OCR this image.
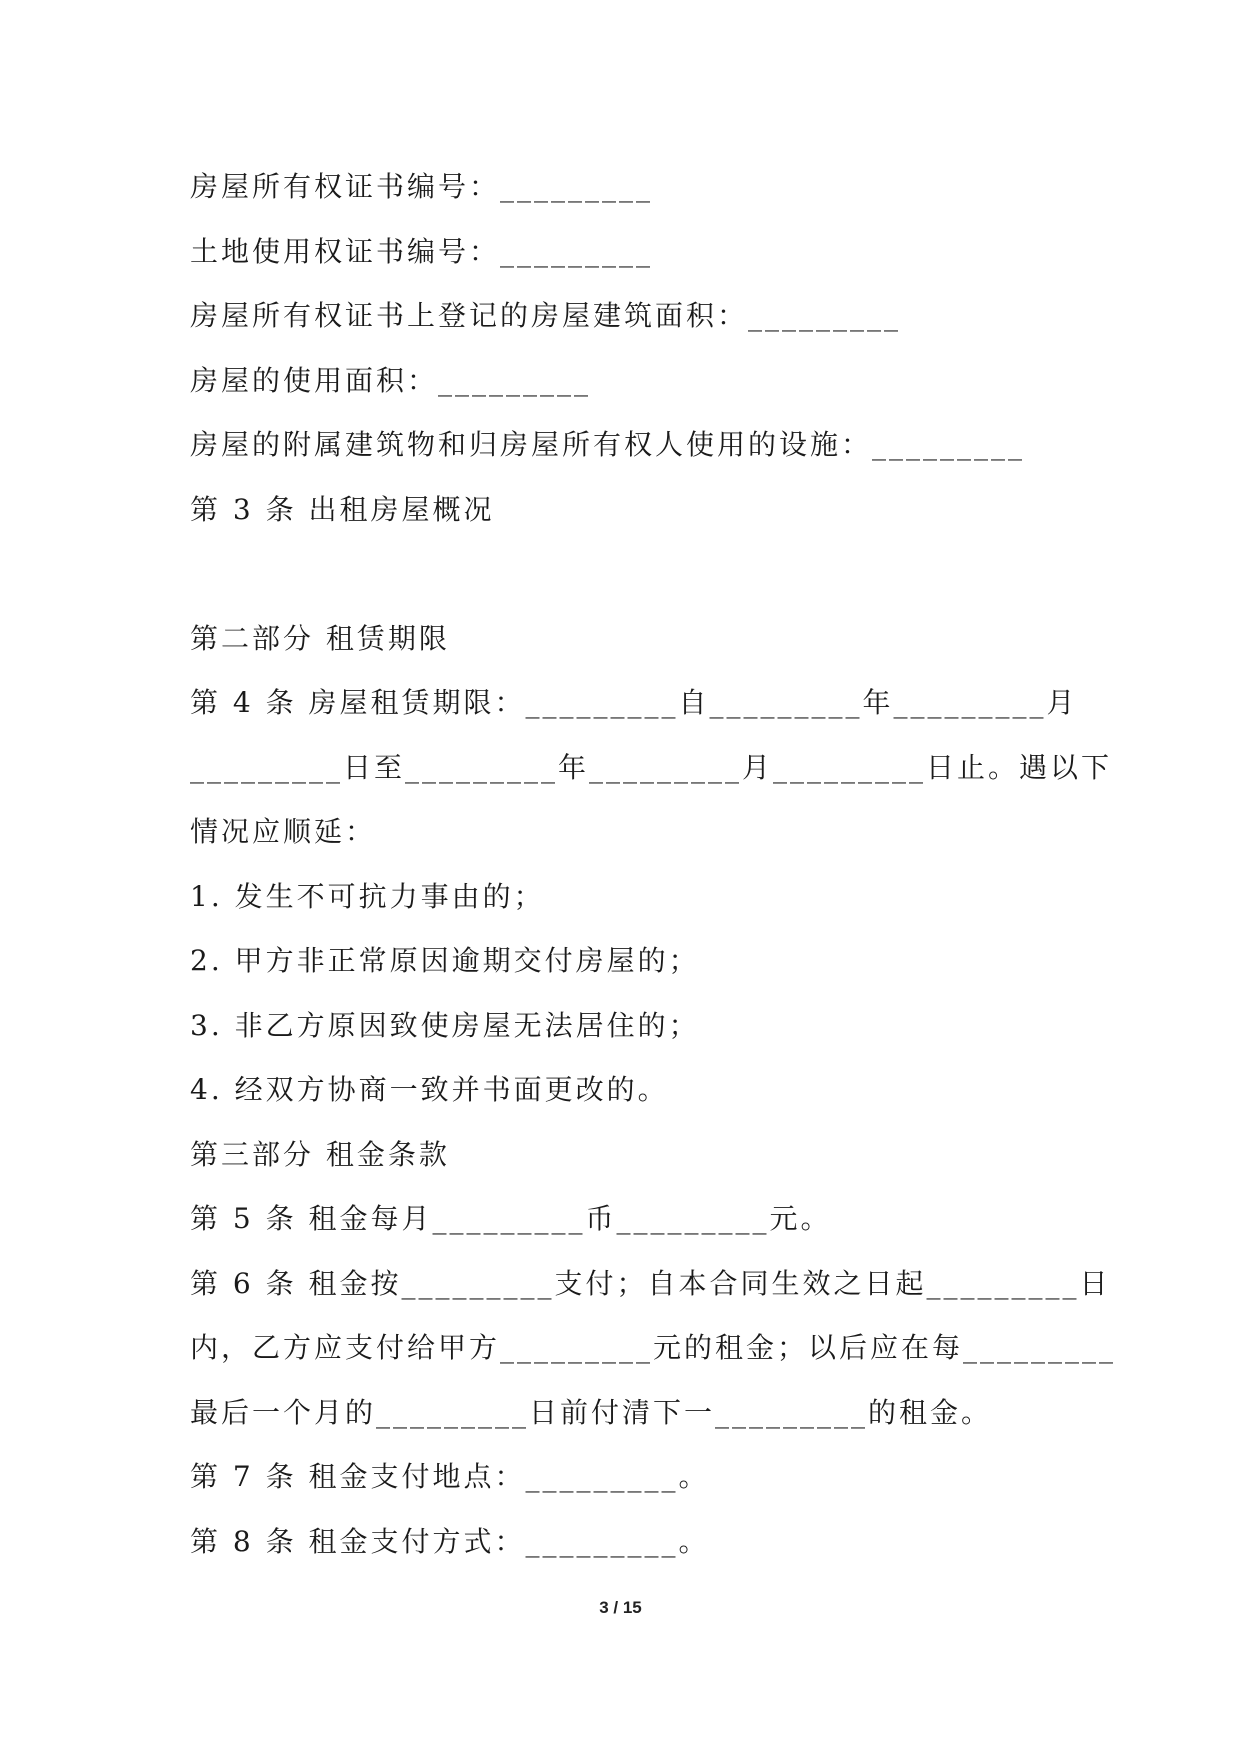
房屋所有权证书编号：_________
土地使用权证书编号：_________
房屋所有权证书上登记的房屋建筑面积：_________
房屋的使用面积：_________
房屋的附属建筑物和归房屋所有权人使用的设施：_________
第 3 条 出租房屋概况
第二部分 租赁期限
第 4 条 房屋租赁期限：_________自_________年_________月
_________日至_________年_________月_________日止。遇以下
情况应顺延：
1. 发生不可抗力事由的；
2. 甲方非正常原因逾期交付房屋的；
3. 非乙方原因致使房屋无法居住的；
4. 经双方协商一致并书面更改的。
第三部分 租金条款
第 5 条 租金每月_________币_________元。
第 6 条 租金按_________支付；自本合同生效之日起_________日
内，乙方应支付给甲方_________元的租金；以后应在每_________
最后一个月的_________日前付清下一_________的租金。
第 7 条 租金支付地点：_________。
第 8 条 租金支付方式：_________。
3 / 15
